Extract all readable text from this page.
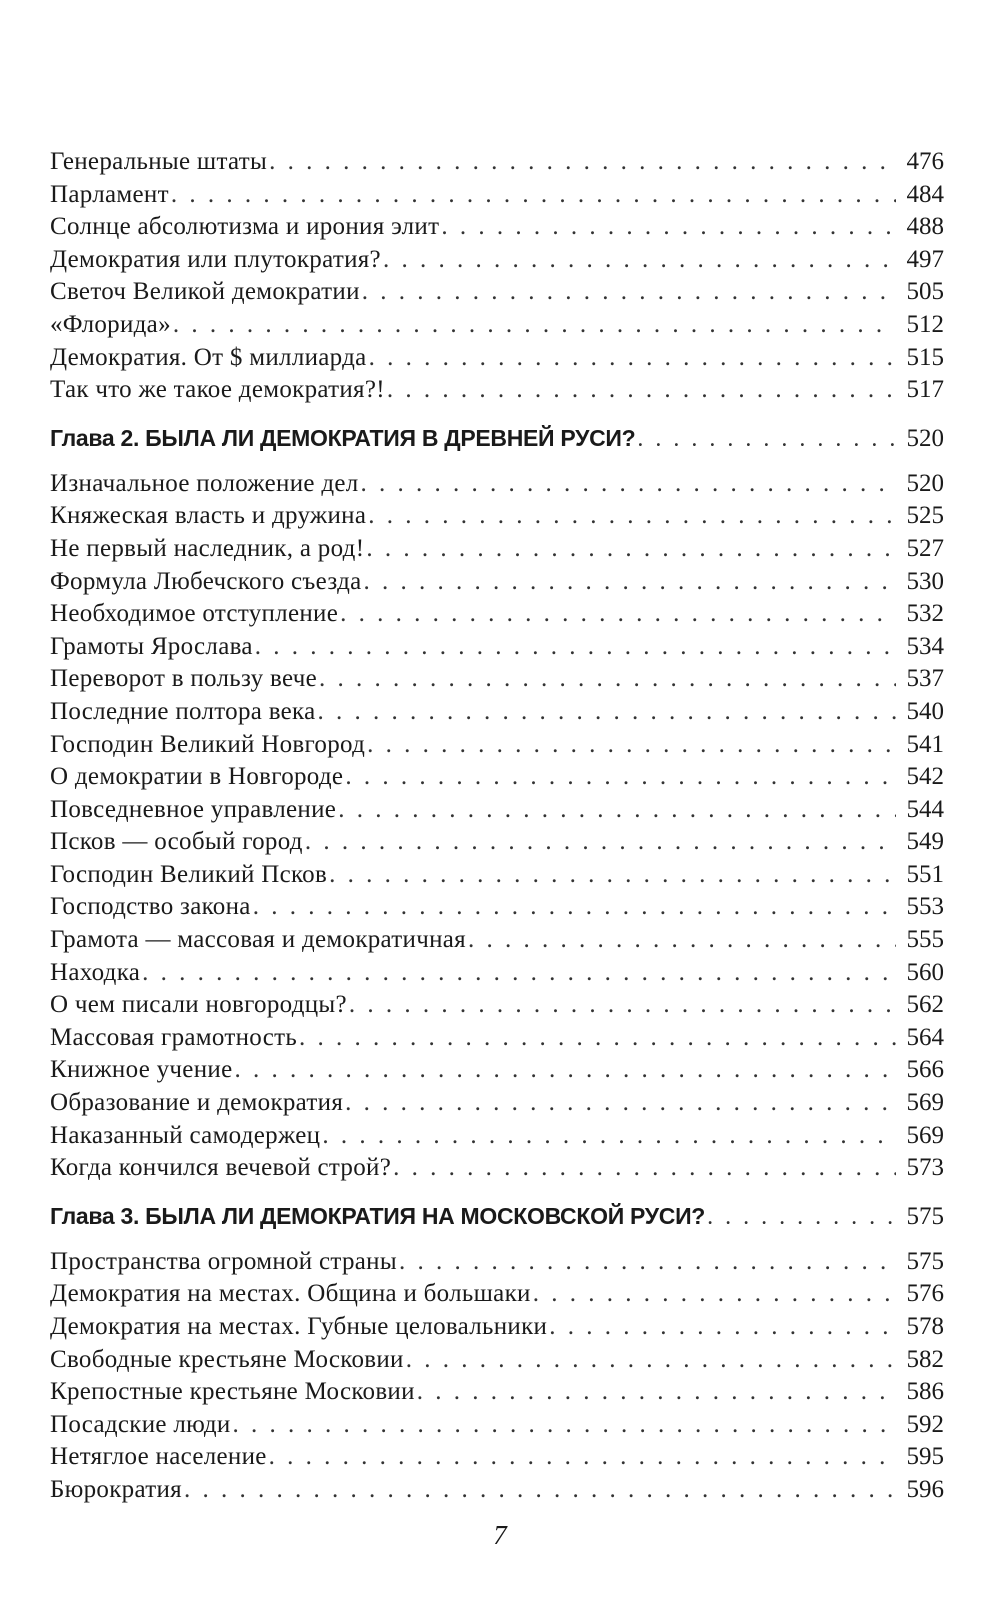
Генеральные штаты . . .	476
Парламент . . .	484
Солнце абсолютизма и ирония элит . . .	488
Демократия или плутократия? . . .	497
Светоч Великой демократии . . .	505
«Флорида» . . .	512
Демократия. От $ миллиарда . . .	515
Так что же такое демократия?! . . .	517
Глава 2. БЫЛА ЛИ ДЕМОКРАТИЯ В ДРЕВНЕЙ РУСИ? . . .	520
Изначальное положение дел . . .	520
Княжеская власть и дружина . . .	525
Не первый наследник, а род! . . .	527
Формула Любечского съезда . . .	530
Необходимое отступление . . .	532
Грамоты Ярослава . . .	534
Переворот в пользу вече . . .	537
Последние полтора века . . .	540
Господин Великий Новгород . . .	541
О демократии в Новгороде . . .	542
Повседневное управление . . .	544
Псков — особый город . . .	549
Господин Великий Псков . . .	551
Господство закона . . .	553
Грамота — массовая и демократичная . . .	555
Находка . . .	560
О чем писали новгородцы? . . .	562
Массовая грамотность . . .	564
Книжное учение . . .	566
Образование и демократия . . .	569
Наказанный самодержец . . .	569
Когда кончился вечевой строй? . . .	573
Глава 3. БЫЛА ЛИ ДЕМОКРАТИЯ НА МОСКОВСКОЙ РУСИ? . . .	575
Пространства огромной страны . . .	575
Демократия на местах. Община и большаки . . .	576
Демократия на местах. Губные целовальники . . .	578
Свободные крестьяне Московии . . .	582
Крепостные крестьяне Московии . . .	586
Посадские люди . . .	592
Нетяглое население . . .	595
Бюрократия . . .	596
7
